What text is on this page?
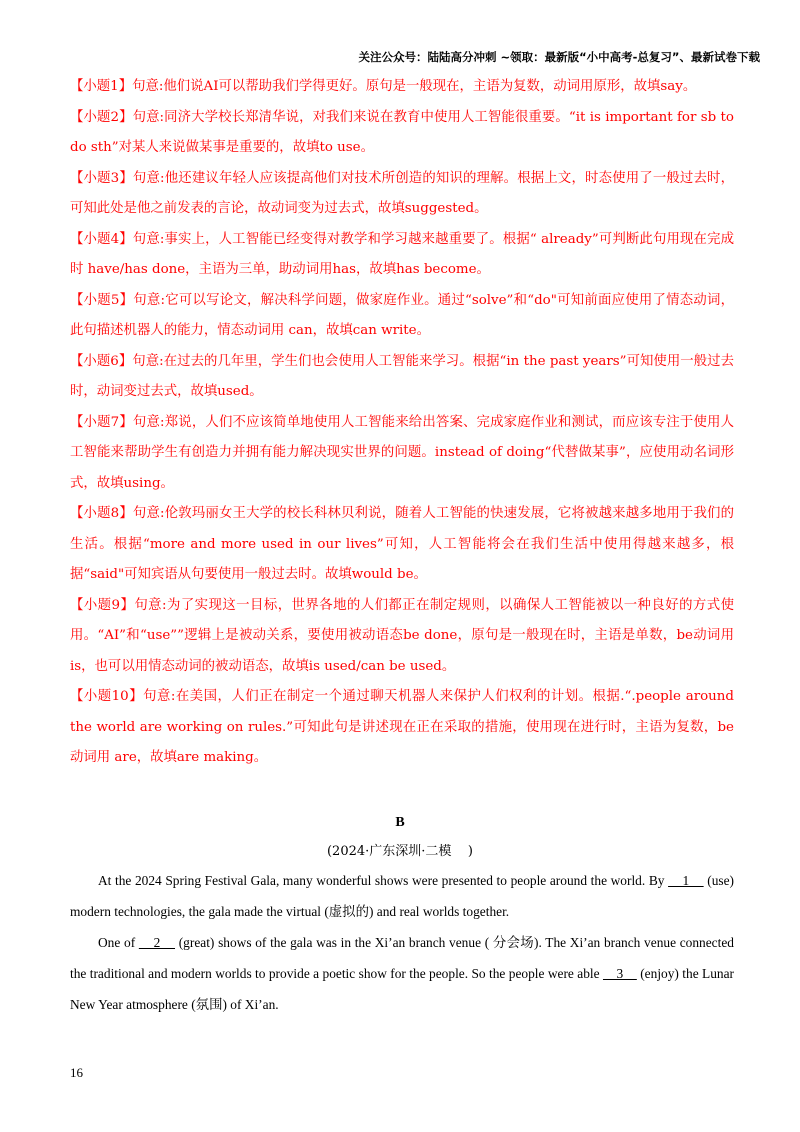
关注公众号：陆陆高分冲刺 ~领取：最新版“小中高考-总复习”、最新试卷下载

【小题1】句意:他们说AI可以帮助我们学得更好。原句是一般现在，主语为复数，动词用原形，故填say。

【小题2】句意:同济大学校长郑清华说，对我们来说在教育中使用人工智能很重要。“it is important for sb to do sth”对某人来说做某事是重要的，故填to use。

【小题3】句意:他还建议年轻人应该提高他们对技术所创造的知识的理解。根据上文，时态使用了一般过去时，可知此处是他之前发表的言论，故动词变为过去式，故填suggested。

【小题4】句意:事实上，人工智能已经变得对教学和学习越来越重要了。根据“ already”可判断此句用现在完成时 have/has done，主语为三单，助动词用has，故填has become。

【小题5】句意:它可以写论文，解决科学问题，做家庭作业。通过“solve”和“do"可知前面应使用了情态动词，此句描述机器人的能力，情态动词用 can，故填can write。

【小题6】句意:在过去的几年里，学生们也会使用人工智能来学习。根据“in the past years”可知使用一般过去时，动词变过去式，故填used。

【小题7】句意:郑说，人们不应该简单地使用人工智能来给出答案、完成家庭作业和测试，而应该专注于使用人工智能来帮助学生有创造力并拥有能力解决现实世界的问题。instead of doing“代替做某事”，应使用动名词形式，故填using。

【小题8】句意:伦敦玛丽女王大学的校长科林贝利说，随着人工智能的快速发展，它将被越来越多地用于我们的生活。根据“more and more used in our lives”可知，人工智能将会在我们生活中使用得越来越多，根据“said"可知宾语从句要使用一般过去时。故填would be。

【小题9】句意:为了实现这一目标，世界各地的人们都正在制定规则，以确保人工智能被以一种良好的方式使用。“AI”和“use””逻辑上是被动关系，要使用被动语态be done，原句是一般现在时，主语是单数，be动词用is，也可以用情态动词的被动语态，故填is used/can be used。

【小题10】句意:在美国，人们正在制定一个通过聊天机器人来保护人们权利的计划。根据.“.people around the world are working on rules.”可知此句是讲述现在正在采取的措施，使用现在进行时，主语为复数，be动词用 are，故填are making。

B
(2024·广东深圳·二模    )

At the 2024 Spring Festival Gala, many wonderful shows were presented to people around the world. By     1     (use) modern technologies, the gala made the virtual (虚拟的) and real worlds together.

One of     2     (great) shows of the gala was in the Xi’an branch venue ( 分会场). The Xi’an branch venue connected the traditional and modern worlds to provide a poetic show for the people. So the people were able     3     (enjoy) the Lunar New Year atmosphere (氛围) of Xi’an.

16
